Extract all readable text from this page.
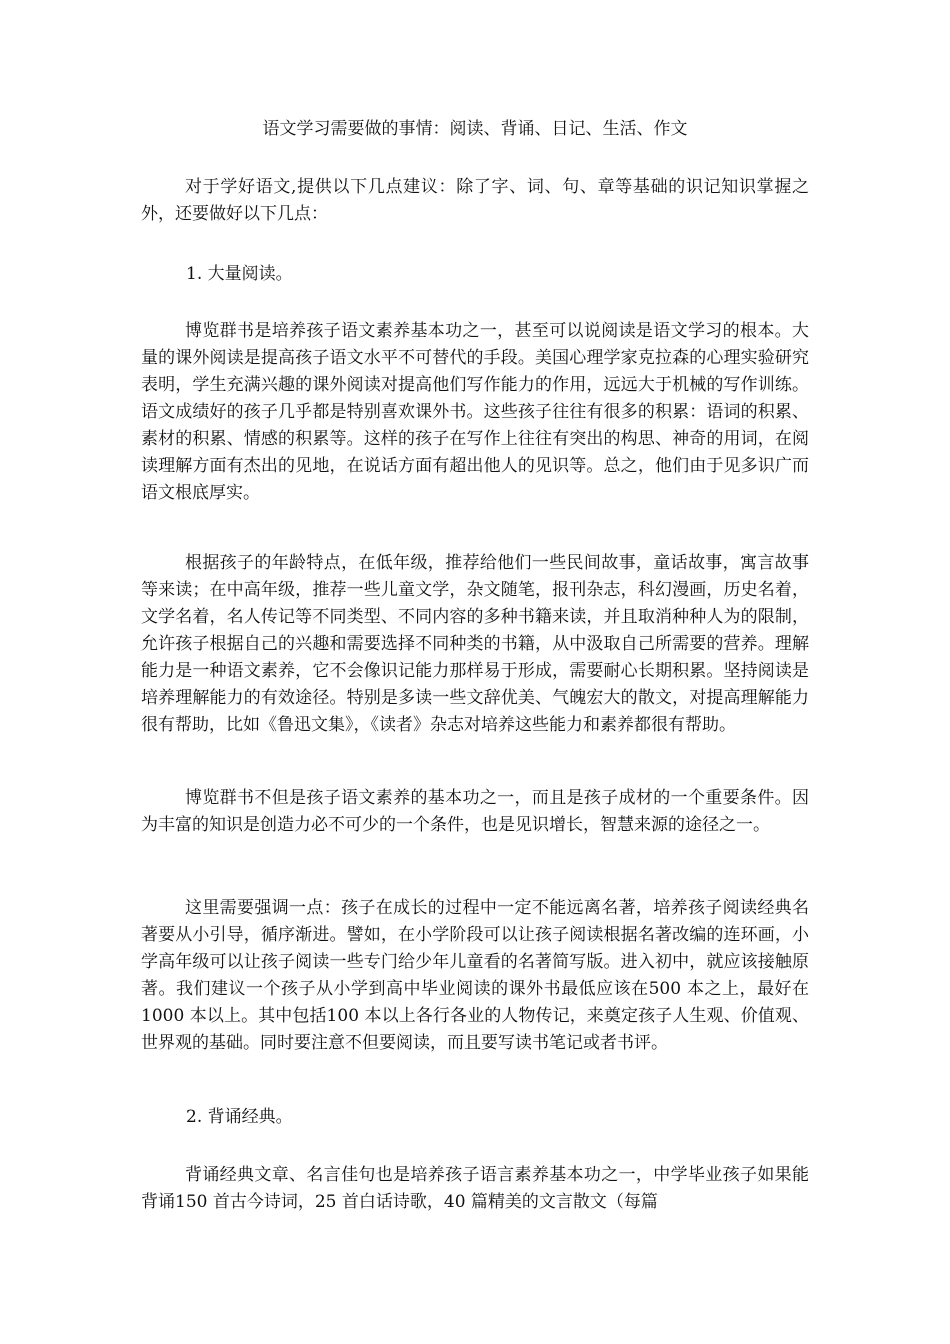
语文学习需要做的事情：阅读、背诵、日记、生活、作文

对于学好语文,提供以下几点建议：除了字、词、句、章等基础的识记知识掌握之外，还要做好以下几点：

1. 大量阅读。

博览群书是培养孩子语文素养基本功之一，甚至可以说阅读是语文学习的根本。大量的课外阅读是提高孩子语文水平不可替代的手段。美国心理学家克拉森的心理实验研究表明，学生充满兴趣的课外阅读对提高他们写作能力的作用，远远大于机械的写作训练。语文成绩好的孩子几乎都是特别喜欢课外书。这些孩子往往有很多的积累：语词的积累、素材的积累、情感的积累等。这样的孩子在写作上往往有突出的构思、神奇的用词，在阅读理解方面有杰出的见地，在说话方面有超出他人的见识等。总之，他们由于见多识广而语文根底厚实。

根据孩子的年龄特点，在低年级，推荐给他们一些民间故事，童话故事，寓言故事等来读；在中高年级，推荐一些儿童文学，杂文随笔，报刊杂志，科幻漫画，历史名着，文学名着，名人传记等不同类型、不同内容的多种书籍来读，并且取消种种人为的限制，允许孩子根据自己的兴趣和需要选择不同种类的书籍，从中汲取自己所需要的营养。理解能力是一种语文素养，它不会像识记能力那样易于形成，需要耐心长期积累。坚持阅读是培养理解能力的有效途径。特别是多读一些文辞优美、气魄宏大的散文，对提高理解能力很有帮助，比如《鲁迅文集》，《读者》杂志对培养这些能力和素养都很有帮助。

博览群书不但是孩子语文素养的基本功之一，而且是孩子成材的一个重要条件。因为丰富的知识是创造力必不可少的一个条件，也是见识增长，智慧来源的途径之一。

这里需要强调一点：孩子在成长的过程中一定不能远离名著，培养孩子阅读经典名著要从小引导，循序渐进。譬如，在小学阶段可以让孩子阅读根据名著改编的连环画，小学高年级可以让孩子阅读一些专门给少年儿童看的名著简写版。进入初中，就应该接触原著。我们建议一个孩子从小学到高中毕业阅读的课外书最低应该在500 本之上，最好在1000 本以上。其中包括100 本以上各行各业的人物传记，来奠定孩子人生观、价值观、世界观的基础。同时要注意不但要阅读，而且要写读书笔记或者书评。

2. 背诵经典。

背诵经典文章、名言佳句也是培养孩子语言素养基本功之一，中学毕业孩子如果能背诵150 首古今诗词，25 首白话诗歌，40 篇精美的文言散文（每篇
